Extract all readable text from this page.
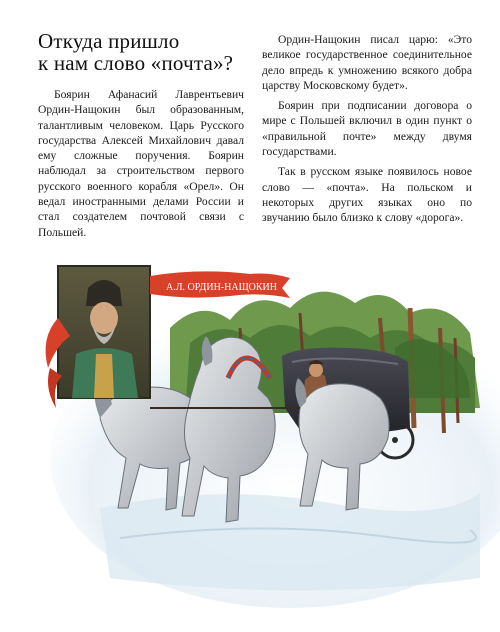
Откуда пришло
к нам слово «почта»?

Боярин Афанасий Лаврентьевич Ордин-Нащокин был образованным, талантливым человеком. Царь Русского государства Алексей Михайлович давал ему сложные поручения. Боярин наблюдал за строительством первого русского военного корабля «Орел». Он ведал иностранными делами России и стал создателем почтовой связи с Польшей.

Ордин-Нащокин писал царю: «Это великое государственное соединительное дело впредь к умножению всякого добра царству Московскому будет».

Боярин при подписании договора о мире с Польшей включил в один пункт о «правильной почте» между двумя государствами.

Так в русском языке появилось новое слово — «почта». На польском и некоторых других языках оно по звучанию было близко к слову «дорога».

А.Л. ОРДИН-НАЩОКИН
